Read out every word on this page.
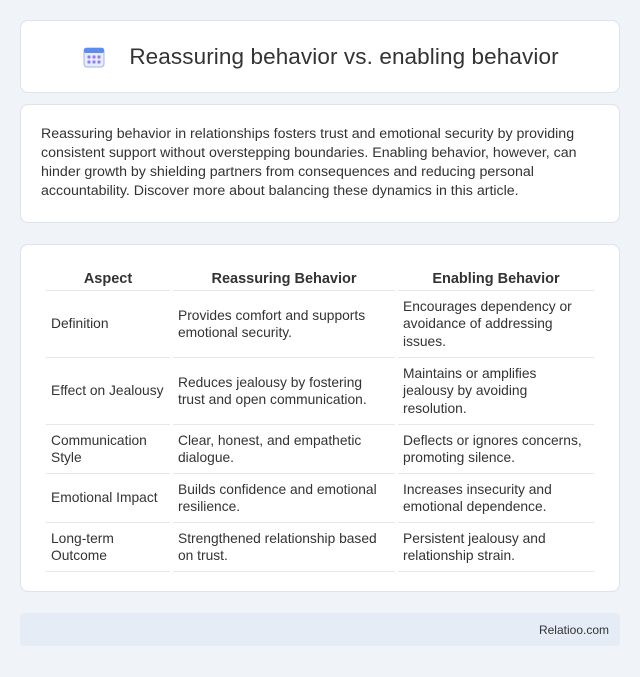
Reassuring behavior vs. enabling behavior

Reassuring behavior in relationships fosters trust and emotional security by providing consistent support without overstepping boundaries. Enabling behavior, however, can hinder growth by shielding partners from consequences and reducing personal accountability. Discover more about balancing these dynamics in this article.

Aspect	Reassuring Behavior	Enabling Behavior
Definition	Provides comfort and supports emotional security.	Encourages dependency or avoidance of addressing issues.
Effect on Jealousy	Reduces jealousy by fostering trust and open communication.	Maintains or amplifies jealousy by avoiding resolution.
Communication Style	Clear, honest, and empathetic dialogue.	Deflects or ignores concerns, promoting silence.
Emotional Impact	Builds confidence and emotional resilience.	Increases insecurity and emotional dependence.
Long-term Outcome	Strengthened relationship based on trust.	Persistent jealousy and relationship strain.
Relatioo.com
